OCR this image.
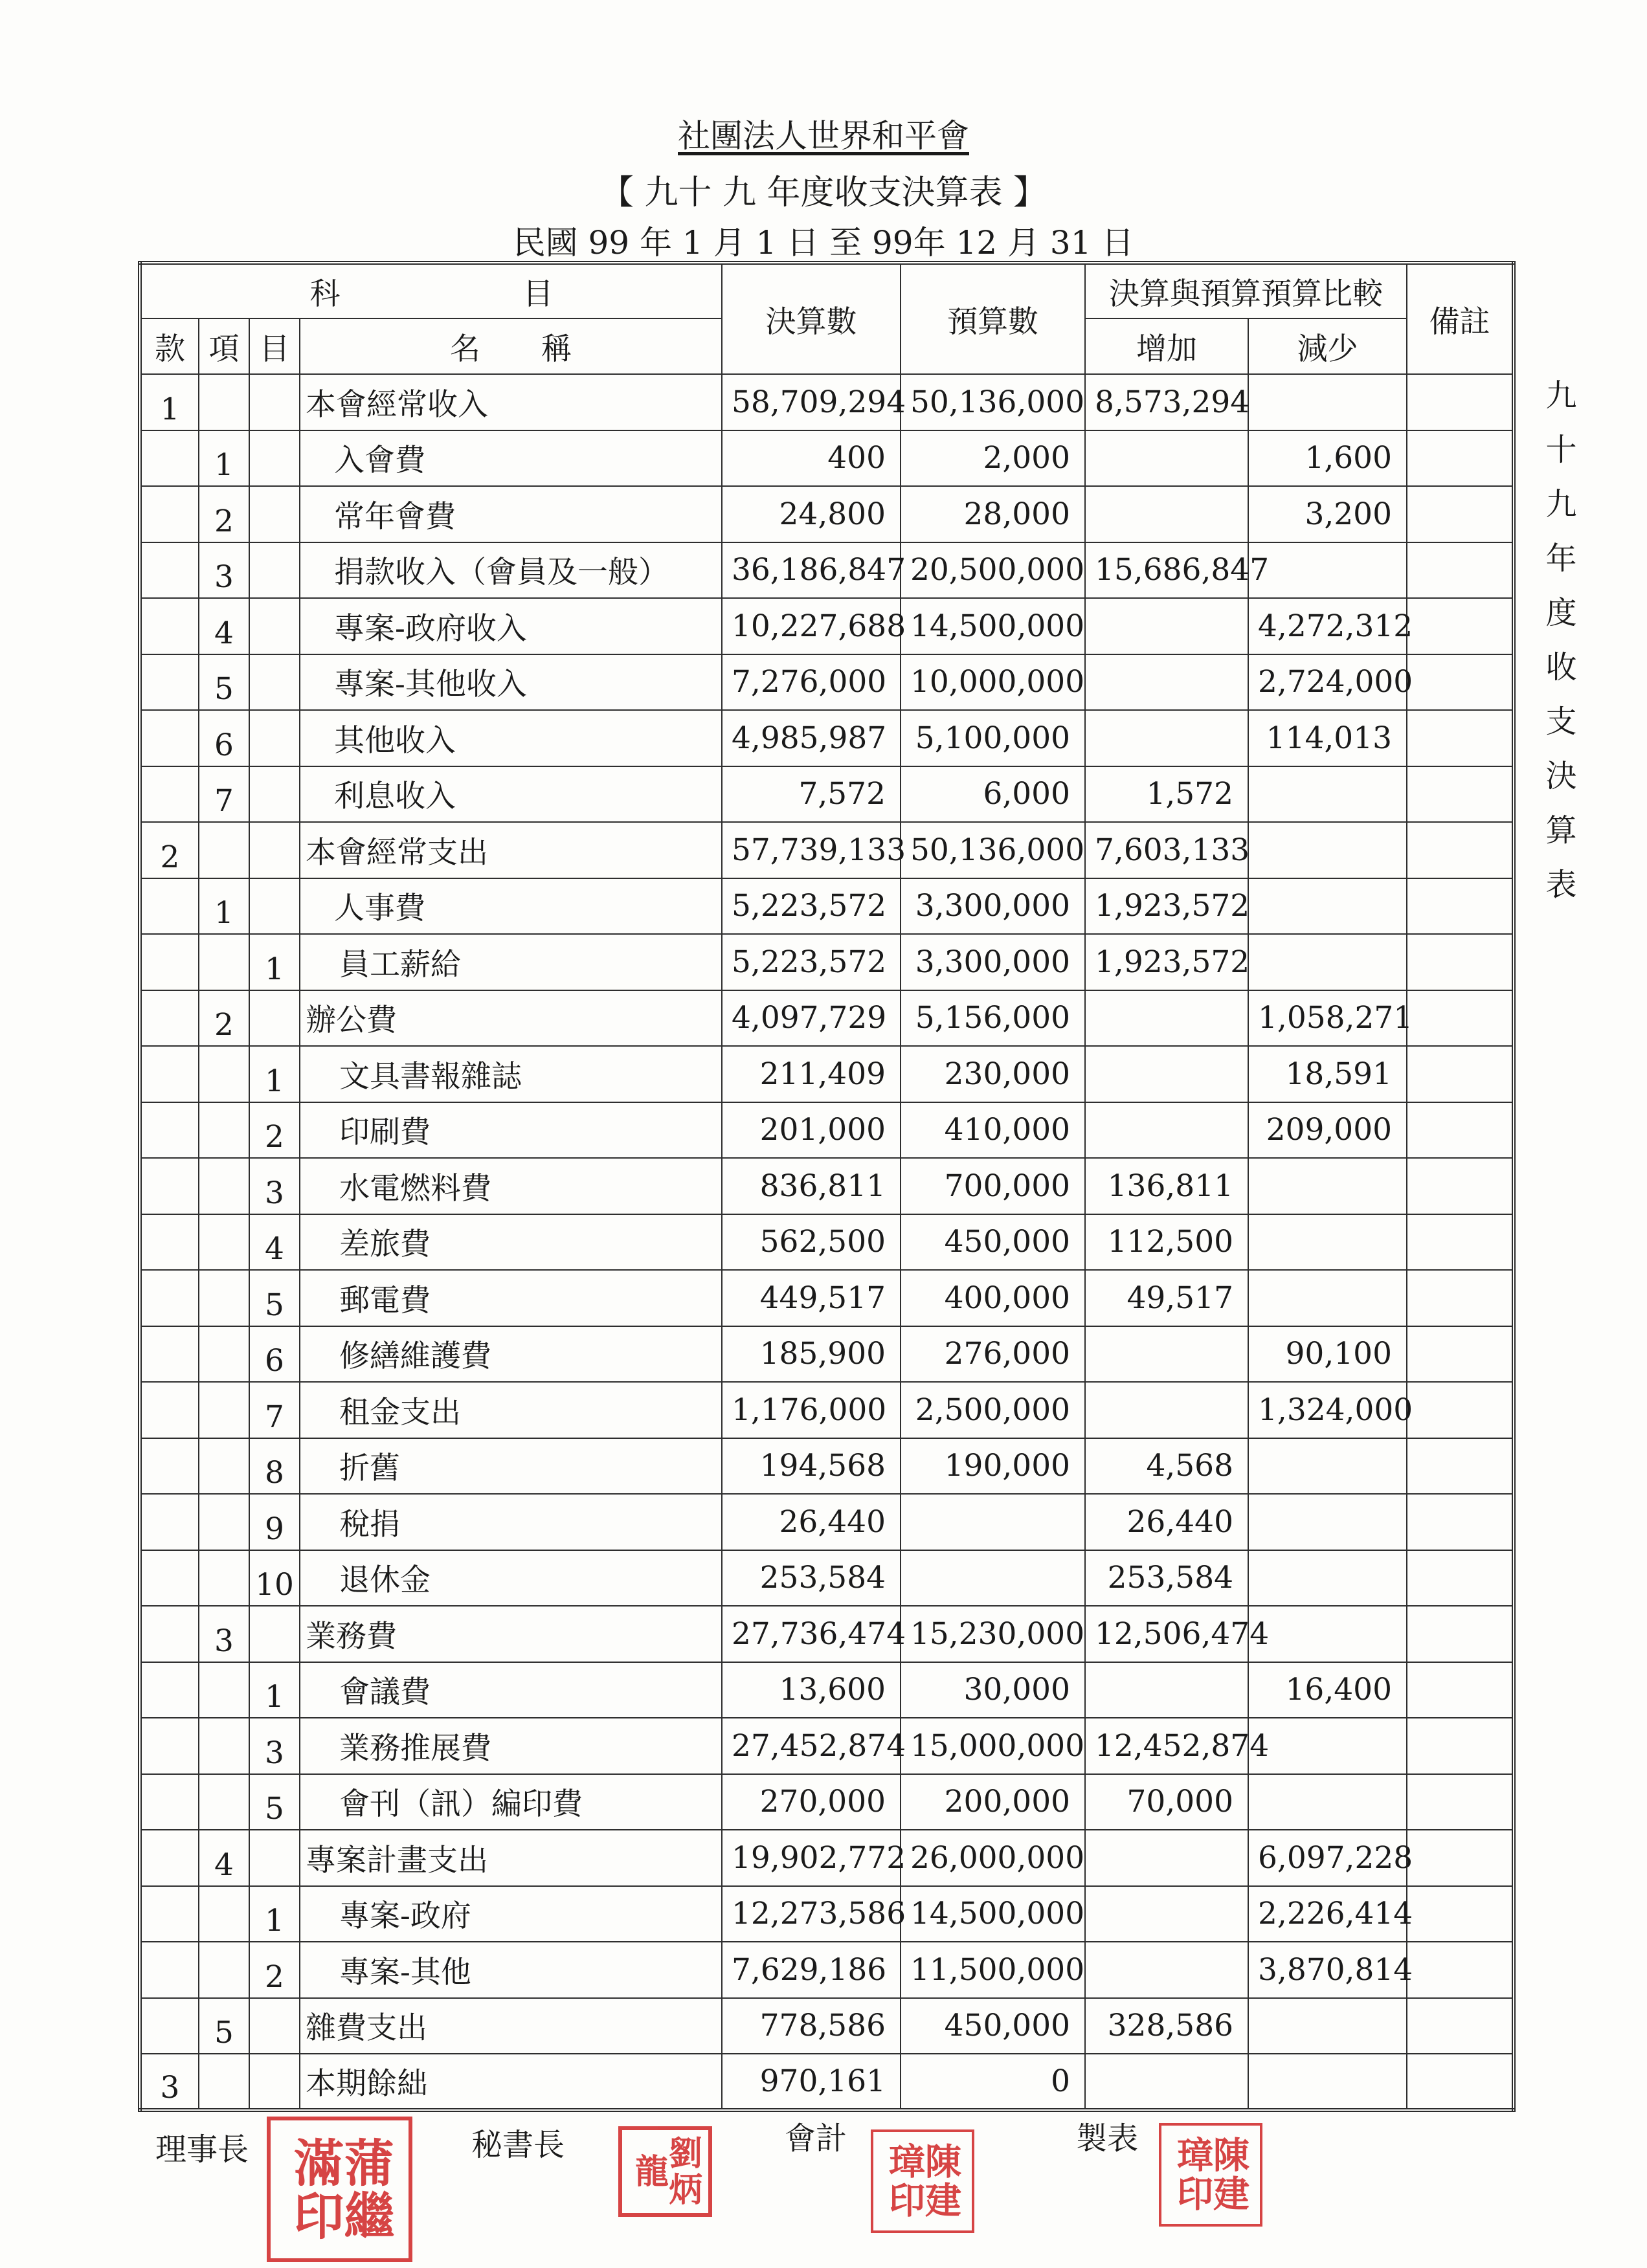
社團法人世界和平會
【 九十 九 年度收支決算表 】
民國 99 年 1 月 1 日 至 99年 12 月 31 日
科　　　　　　目				決算數	預算數	決算與預算預算比較		備註
款	項	目	名　　稱			增加	減少	
1			本會經常收入	58,709,294	50,136,000	8,573,294		
	1		入會費	400	2,000		1,600	
	2		常年會費	24,800	28,000		3,200	
	3		捐款收入（會員及一般）	36,186,847	20,500,000	15,686,847		
	4		專案-政府收入	10,227,688	14,500,000		4,272,312	
	5		專案-其他收入	7,276,000	10,000,000		2,724,000	
	6		其他收入	4,985,987	5,100,000		114,013	
	7		利息收入	7,572	6,000	1,572		
2			本會經常支出	57,739,133	50,136,000	7,603,133		
	1		人事費	5,223,572	3,300,000	1,923,572		
		1	員工薪給	5,223,572	3,300,000	1,923,572		
	2		辦公費	4,097,729	5,156,000		1,058,271	
		1	文具書報雜誌	211,409	230,000		18,591	
		2	印刷費	201,000	410,000		209,000	
		3	水電燃料費	836,811	700,000	136,811		
		4	差旅費	562,500	450,000	112,500		
		5	郵電費	449,517	400,000	49,517		
		6	修繕維護費	185,900	276,000		90,100	
		7	租金支出	1,176,000	2,500,000		1,324,000	
		8	折舊	194,568	190,000	4,568		
		9	稅捐	26,440		26,440		
		10	退休金	253,584		253,584		
	3		業務費	27,736,474	15,230,000	12,506,474		
		1	會議費	13,600	30,000		16,400	
		3	業務推展費	27,452,874	15,000,000	12,452,874		
		5	會刊（訊）編印費	270,000	200,000	70,000		
	4		專案計畫支出	19,902,772	26,000,000		6,097,228	
		1	專案-政府	12,273,586	14,500,000		2,226,414	
		2	專案-其他	7,629,186	11,500,000		3,870,814	
	5		雜費支出	778,586	450,000	328,586		
3			本期餘絀	970,161	0			
九十九年度收支決算表
理事長	蒲繼滿印	秘書長	劉炳龍
會計
陳建璋印
製表	陳建璋印
